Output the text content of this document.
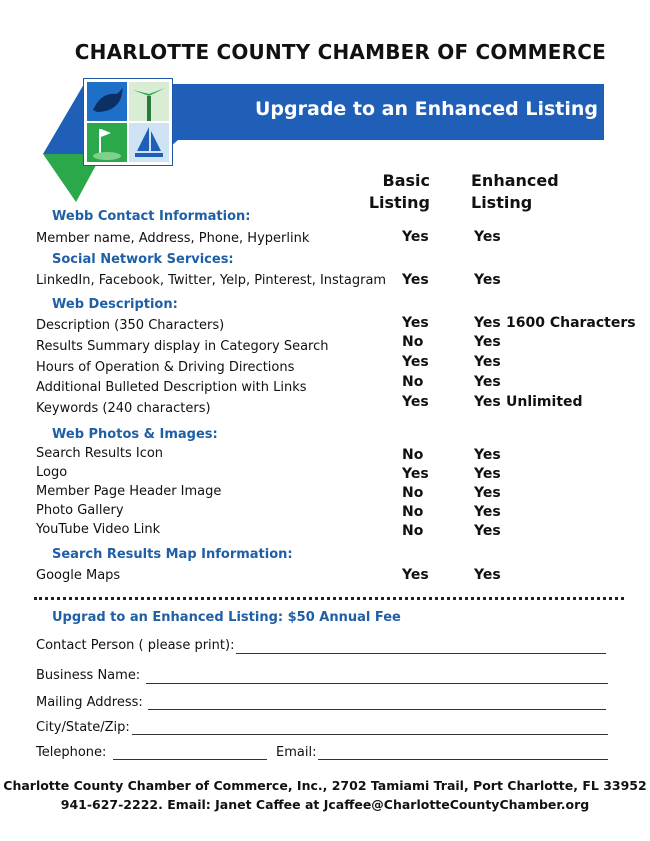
CHARLOTTE COUNTY CHAMBER OF COMMERCE
Upgrade to an Enhanced Listing
Basic
Listing
Enhanced
Listing
Webb Contact Information:
Member name, Address, Phone, Hyperlink	Yes	Yes
Social Network Services:
LinkedIn, Facebook, Twitter, Yelp, Pinterest, Instagram Yes	Yes
Web Description:
Description (350 Characters)	Yes	Yes 1600 Characters
Results Summary display in Category Search	No	Yes
Hours of Operation & Driving Directions	Yes	Yes
Additional Bulleted Description with Links	No	Yes
Keywords (240 characters)	Yes	Yes Unlimited
Web Photos & Images:
Search Results Icon	No	Yes
Logo	Yes	Yes
Member Page Header Image	No	Yes
Photo Gallery	No	Yes
YouTube Video Link	No	Yes
Search Results Map Information:
Google Maps	Yes	Yes
Upgrad to an Enhanced Listing: $50 Annual Fee
Contact Person ( please print):
Business Name:
Mailing Address:
City/State/Zip:
Telephone:	Email:
Charlotte County Chamber of Commerce, Inc., 2702 Tamiami Trail, Port Charlotte, FL 33952
941-627-2222. Email: Janet Caffee at Jcaffee@CharlotteCountyChamber.org
